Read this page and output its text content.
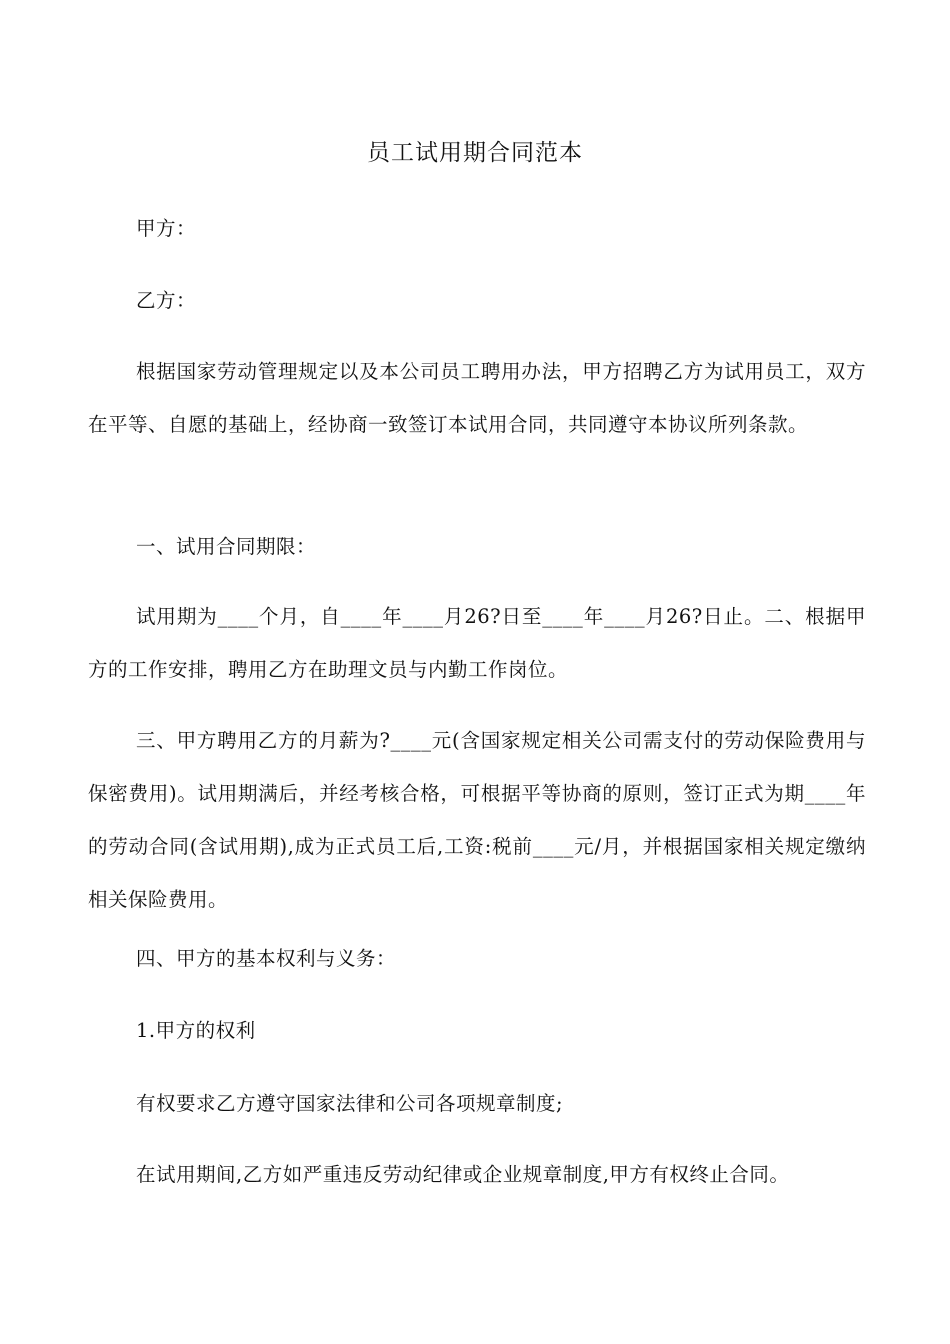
员工试用期合同范本

甲方：

乙方：

根据国家劳动管理规定以及本公司员工聘用办法，甲方招聘乙方为试用员工，双方在平等、自愿的基础上，经协商一致签订本试用合同，共同遵守本协议所列条款。

一、试用合同期限：

试用期为____个月，自____年____月26?日至____年____月26?日止。二、根据甲方的工作安排，聘用乙方在助理文员与内勤工作岗位。

三、甲方聘用乙方的月薪为?____元(含国家规定相关公司需支付的劳动保险费用与保密费用)。试用期满后，并经考核合格，可根据平等协商的原则，签订正式为期____年的劳动合同(含试用期),成为正式员工后,工资:税前____元/月，并根据国家相关规定缴纳相关保险费用。

四、甲方的基本权利与义务：

1.甲方的权利

有权要求乙方遵守国家法律和公司各项规章制度;

在试用期间,乙方如严重违反劳动纪律或企业规章制度,甲方有权终止合同。
